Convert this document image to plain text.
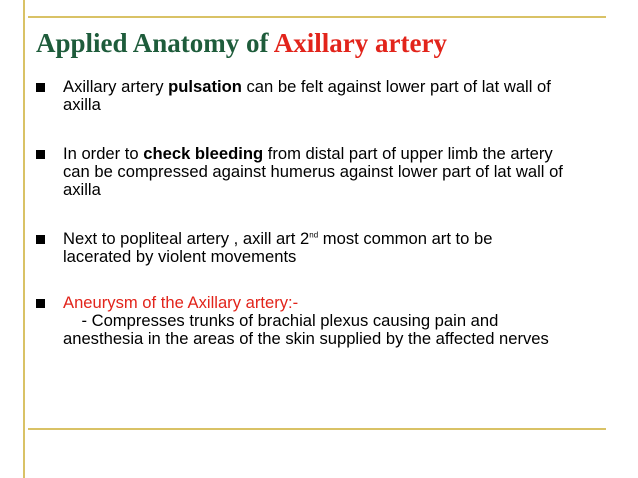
Applied Anatomy of Axillary artery
Axillary artery pulsation can be felt against lower part of lat wall of axilla
In order to check bleeding from distal part of upper limb the artery can be compressed against humerus against lower part of lat wall of axilla
Next to popliteal artery , axill art 2nd most common art to be lacerated by violent movements
Aneurysm of the Axillary artery:-
- Compresses trunks of brachial plexus causing pain and anesthesia in the areas of the skin supplied by the affected nerves
